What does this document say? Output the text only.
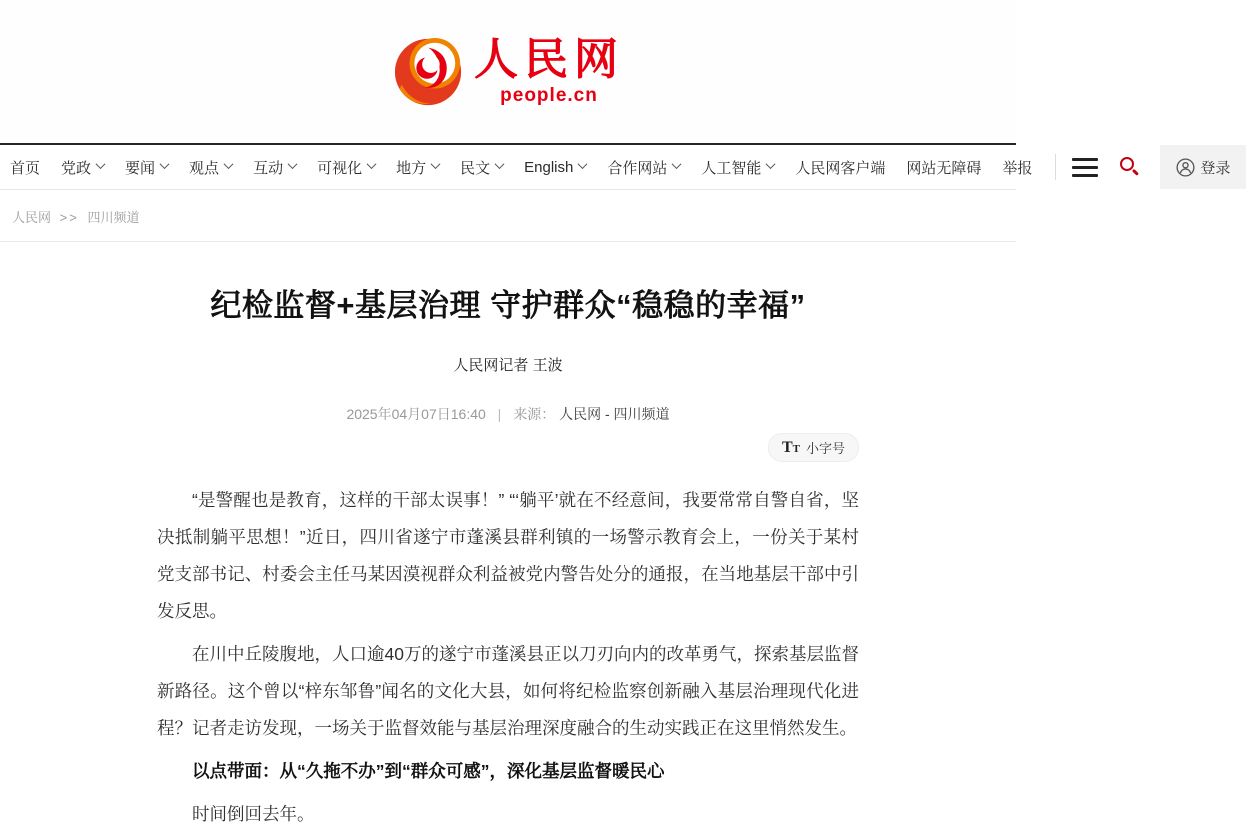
人民网
people.cn
首页 党政 要闻 观点 互动 可视化 地方 民文 English 合作网站 人工智能 人民网客户端 网站无障碍 举报	登录
人民网 >> 四川频道
纪检监督+基层治理 守护群众“稳稳的幸福”
人民网记者 王波
2025年04月07日16:40 | 来源： 人民网 - 四川频道
TT 小字号

“是警醒也是教育，这样的干部太误事！” “‘躺平’就在不经意间，我要常常自警自省，坚决抵制躺平思想！”近日，四川省遂宁市蓬溪县群利镇的一场警示教育会上，一份关于某村党支部书记、村委会主任马某因漠视群众利益被党内警告处分的通报，在当地基层干部中引发反思。

在川中丘陵腹地，人口逾40万的遂宁市蓬溪县正以刀刃向内的改革勇气，探索基层监督新路径。这个曾以“梓东邹鲁”闻名的文化大县，如何将纪检监察创新融入基层治理现代化进程？记者走访发现，一场关于监督效能与基层治理深度融合的生动实践正在这里悄然发生。

以点带面：从“久拖不办”到“群众可感”，深化基层监督暖民心

时间倒回去年。
